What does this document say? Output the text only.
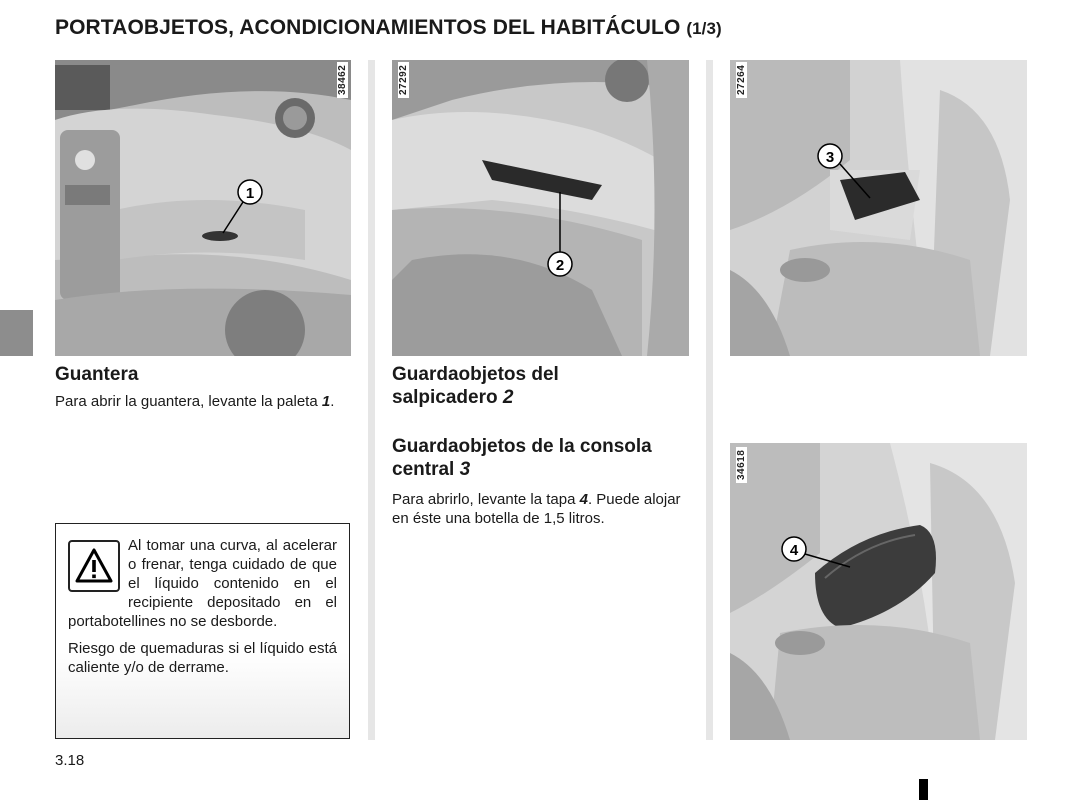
PORTAOBJETOS, ACONDICIONAMIENTOS DEL HABITÁCULO (1/3)
1
38462
2
27292
3
27264
4
34618
Guantera

Para abrir la guantera, levante la paleta 1.

Al tomar una curva, al acelerar o frenar, tenga cuidado de que el líquido contenido en el recipiente depositado en el portabotellines no se desborde.

Riesgo de quemaduras si el líquido está caliente y/o de derrame.

Guardaobjetos del
salpicadero 2
Guardaobjetos de la consola
central 3

Para abrirlo, levante la tapa 4. Puede alojar en éste una botella de 1,5 litros.

3.18
